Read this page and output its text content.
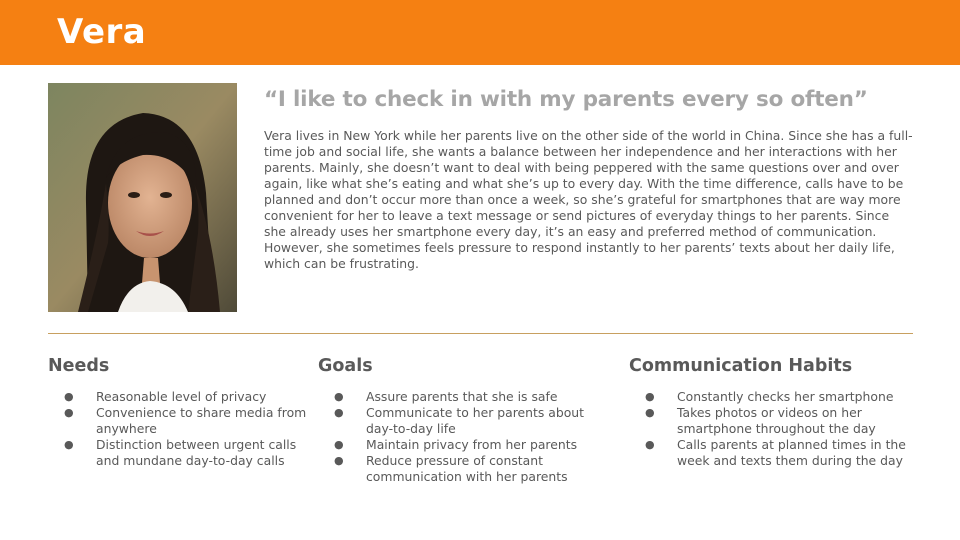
Vera
“I like to check in with my parents every so often”

Vera lives in New York while her parents live on the other side of the world in China. Since she has a full-time job and social life, she wants a balance between her independence and her interactions with her parents. Mainly, she doesn’t want to deal with being peppered with the same questions over and over again, like what she’s eating and what she’s up to every day. With the time difference, calls have to be planned and don’t occur more than once a week, so she’s grateful for smartphones that are way more convenient for her to leave a text message or send pictures of everyday things to her parents. Since she already uses her smartphone every day, it’s an easy and preferred method of communication. However, she sometimes feels pressure to respond instantly to her parents’ texts about her daily life, which can be frustrating.

Needs
● Reasonable level of privacy
● Convenience to share media from anywhere
● Distinction between urgent calls and mundane day-to-day calls
Goals
● Assure parents that she is safe
● Communicate to her parents about day-to-day life
● Maintain privacy from her parents
● Reduce pressure of constant communication with her parents
Communication Habits
● Constantly checks her smartphone
● Takes photos or videos on her smartphone throughout the day
● Calls parents at planned times in the week and texts them during the day
